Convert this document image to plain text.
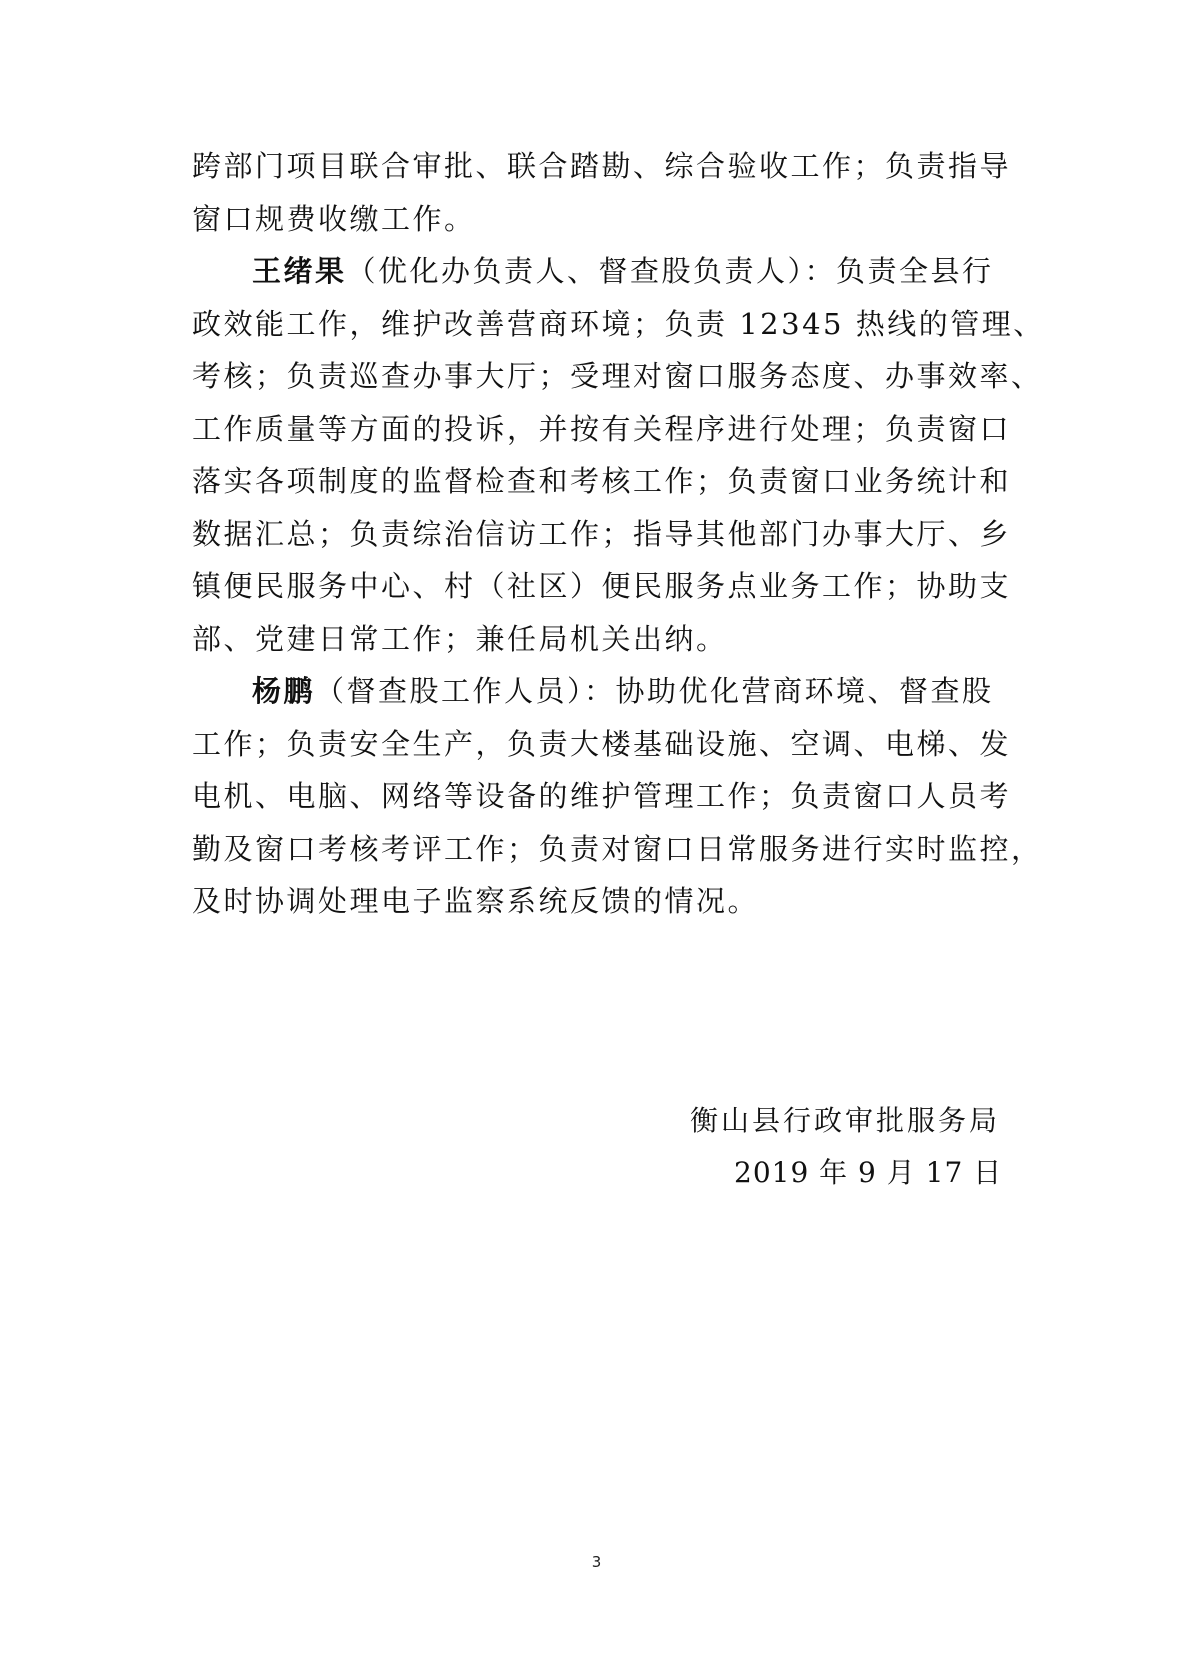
跨部门项目联合审批、联合踏勘、综合验收工作；负责指导
窗口规费收缴工作。
王绪果（优化办负责人、督查股负责人）：负责全县行
政效能工作，维护改善营商环境；负责 12345 热线的管理、
考核；负责巡查办事大厅；受理对窗口服务态度、办事效率、
工作质量等方面的投诉，并按有关程序进行处理；负责窗口
落实各项制度的监督检查和考核工作；负责窗口业务统计和
数据汇总；负责综治信访工作；指导其他部门办事大厅、乡
镇便民服务中心、村（社区）便民服务点业务工作；协助支
部、党建日常工作；兼任局机关出纳。
杨鹏（督查股工作人员）：协助优化营商环境、督查股
工作；负责安全生产，负责大楼基础设施、空调、电梯、发
电机、电脑、网络等设备的维护管理工作；负责窗口人员考
勤及窗口考核考评工作；负责对窗口日常服务进行实时监控，
及时协调处理电子监察系统反馈的情况。
衡山县行政审批服务局
2019 年 9 月 17 日
3
